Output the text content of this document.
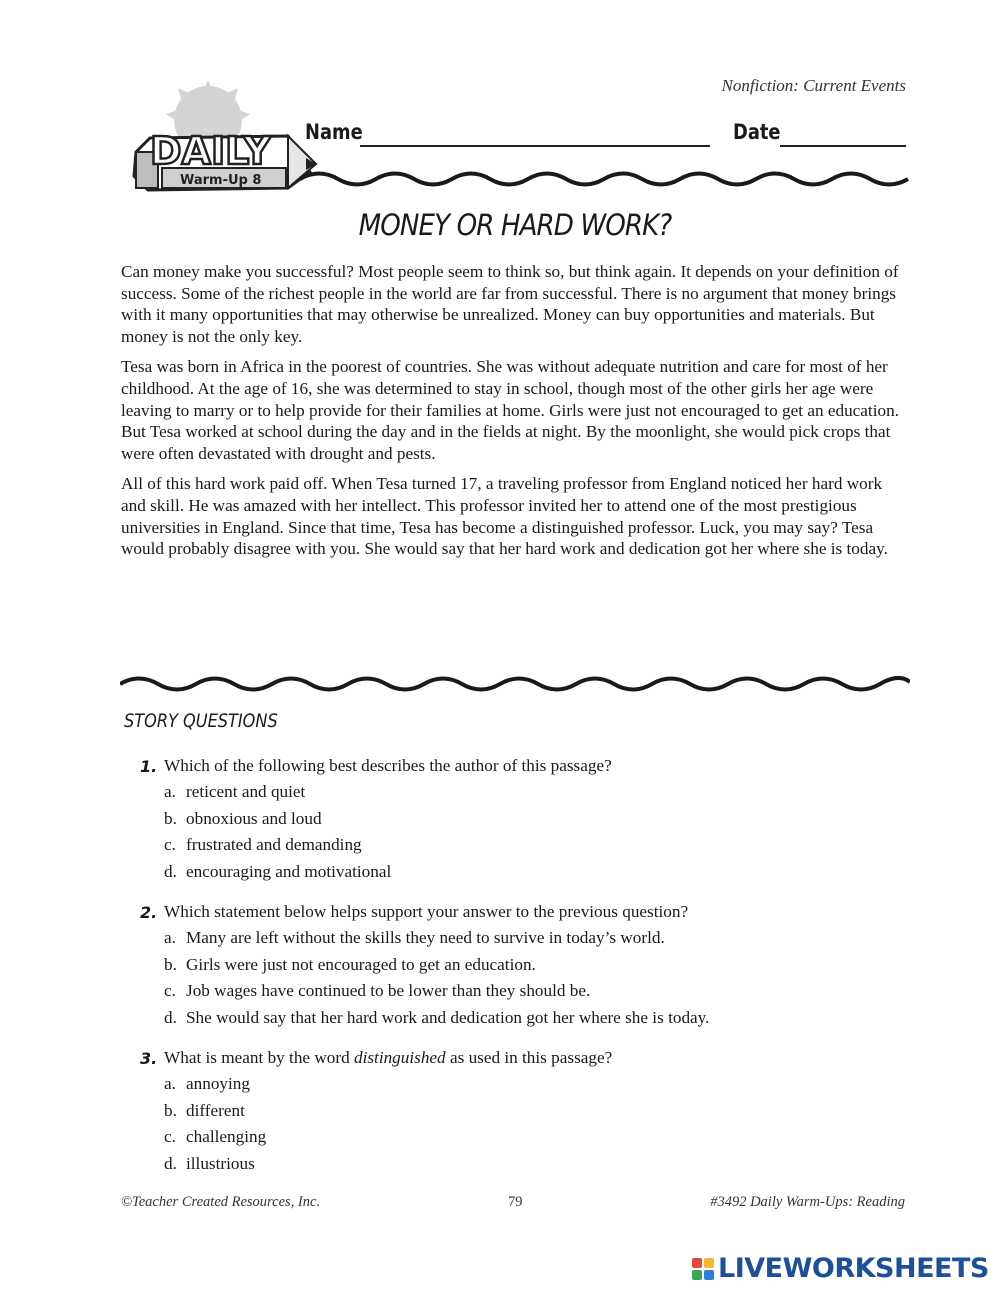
Nonfiction: Current Events
DAILY
Warm-Up 8
Name	Date
MONEY OR HARD WORK?

Can money make you successful? Most people seem to think so, but think again. It depends on your definition of success. Some of the richest people in the world are far from successful. There is no argument that money brings with it many opportunities that may otherwise be unrealized. Money can buy opportunities and materials. But money is not the only key.

Tesa was born in Africa in the poorest of countries. She was without adequate nutrition and care for most of her childhood. At the age of 16, she was determined to stay in school, though most of the other girls her age were leaving to marry or to help provide for their families at home. Girls were just not encouraged to get an education. But Tesa worked at school during the day and in the fields at night. By the moonlight, she would pick crops that were often devastated with drought and pests.

All of this hard work paid off. When Tesa turned 17, a traveling professor from England noticed her hard work and skill. He was amazed with her intellect. This professor invited her to attend one of the most prestigious universities in England. Since that time, Tesa has become a distinguished professor. Luck, you may say? Tesa would probably disagree with you. She would say that her hard work and dedication got her where she is today.

STORY QUESTIONS
1. Which of the following best describes the author of this passage?
a. reticent and quiet
b. obnoxious and loud
c. frustrated and demanding
d. encouraging and motivational
2. Which statement below helps support your answer to the previous question?
a. Many are left without the skills they need to survive in today’s world.
b. Girls were just not encouraged to get an education.
c. Job wages have continued to be lower than they should be.
d. She would say that her hard work and dedication got her where she is today.
3. What is meant by the word distinguished as used in this passage?
a. annoying
b. different
c. challenging
d. illustrious
©Teacher Created Resources, Inc.	79	#3492 Daily Warm-Ups: Reading
LIVEWORKSHEETS
